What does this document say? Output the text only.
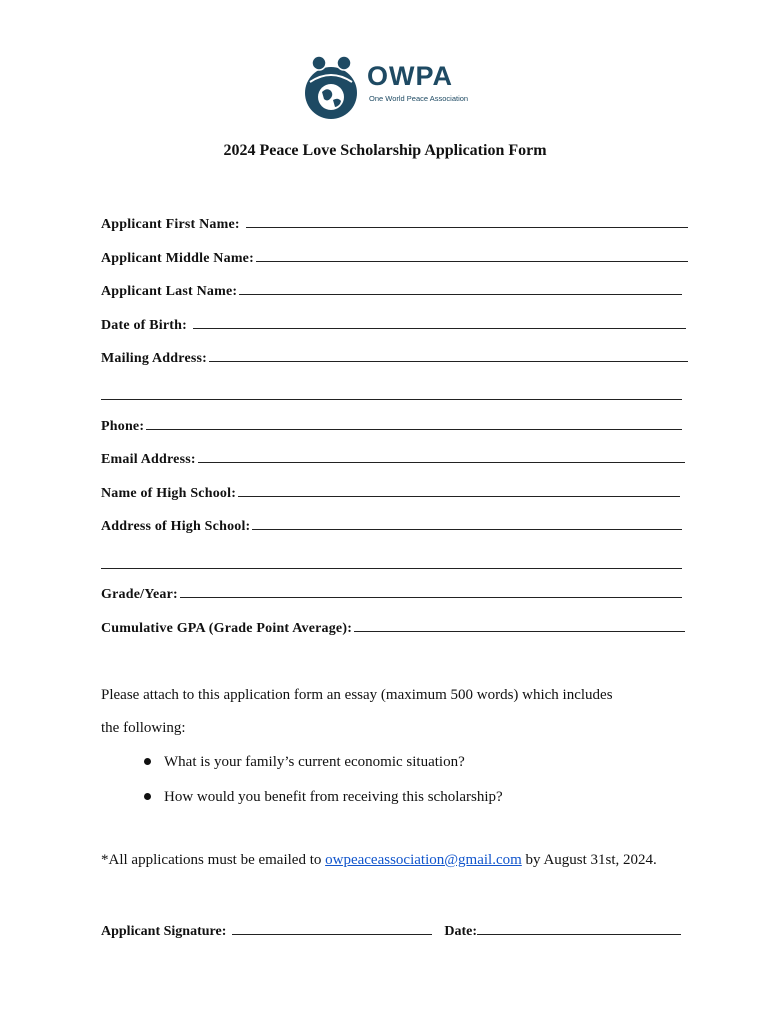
OWPA
One World Peace Association
2024 Peace Love Scholarship Application Form
Applicant First Name:
Applicant Middle Name:
Applicant Last Name:
Date of Birth:
Mailing Address:
Phone:
Email Address:
Name of High School:
Address of High School:
Grade/Year:
Cumulative GPA (Grade Point Average):
Please attach to this application form an essay (maximum 500 words) which includes
the following:
What is your family’s current economic situation?
How would you benefit from receiving this scholarship?
*All applications must be emailed to owpeaceassociation@gmail.com by August 31st, 2024.
Applicant Signature:	Date:
